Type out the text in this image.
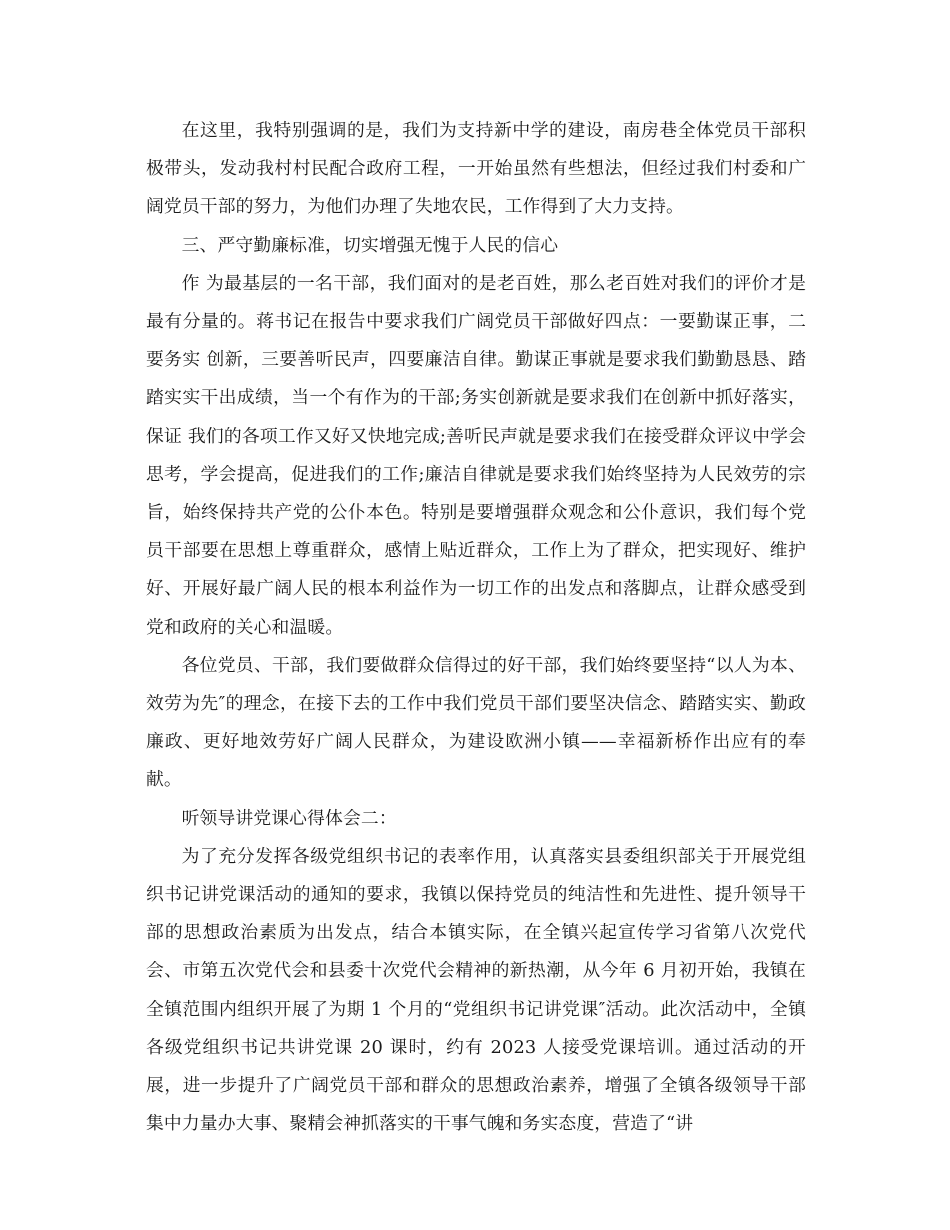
在这里，我特别强调的是，我们为支持新中学的建设，南房巷全体党员干部积极带头，发动我村村民配合政府工程，一开始虽然有些想法，但经过我们村委和广阔党员干部的努力，为他们办理了失地农民，工作得到了大力支持。

三、严守勤廉标准，切实增强无愧于人民的信心

作 为最基层的一名干部，我们面对的是老百姓，那么老百姓对我们的评价才是最有分量的。蒋书记在报告中要求我们广阔党员干部做好四点：一要勤谋正事，二要务实 创新，三要善听民声，四要廉洁自律。勤谋正事就是要求我们勤勤恳恳、踏踏实实干出成绩，当一个有作为的干部;务实创新就是要求我们在创新中抓好落实，保证 我们的各项工作又好又快地完成;善听民声就是要求我们在接受群众评议中学会思考，学会提高，促进我们的工作;廉洁自律就是要求我们始终坚持为人民效劳的宗 旨，始终保持共产党的公仆本色。特别是要增强群众观念和公仆意识，我们每个党员干部要在思想上尊重群众，感情上贴近群众，工作上为了群众，把实现好、维护 好、开展好最广阔人民的根本利益作为一切工作的出发点和落脚点，让群众感受到党和政府的关心和温暖。

各位党员、干部，我们要做群众信得过的好干部，我们始终要坚持“以人为本、效劳为先″的理念，在接下去的工作中我们党员干部们要坚决信念、踏踏实实、勤政廉政、更好地效劳好广阔人民群众，为建设欧洲小镇——幸福新桥作出应有的奉献。

听领导讲党课心得体会二：

为了充分发挥各级党组织书记的表率作用，认真落实县委组织部关于开展党组织书记讲党课活动的通知的要求，我镇以保持党员的纯洁性和先进性、提升领导干部的思想政治素质为出发点，结合本镇实际，在全镇兴起宣传学习省第八次党代会、市第五次党代会和县委十次党代会精神的新热潮，从今年 6 月初开始，我镇在全镇范围内组织开展了为期 1 个月的“党组织书记讲党课″活动。此次活动中，全镇各级党组织书记共讲党课 20 课时，约有 2023 人接受党课培训。通过活动的开展，进一步提升了广阔党员干部和群众的思想政治素养，增强了全镇各级领导干部集中力量办大事、聚精会神抓落实的干事气魄和务实态度，营造了“讲
